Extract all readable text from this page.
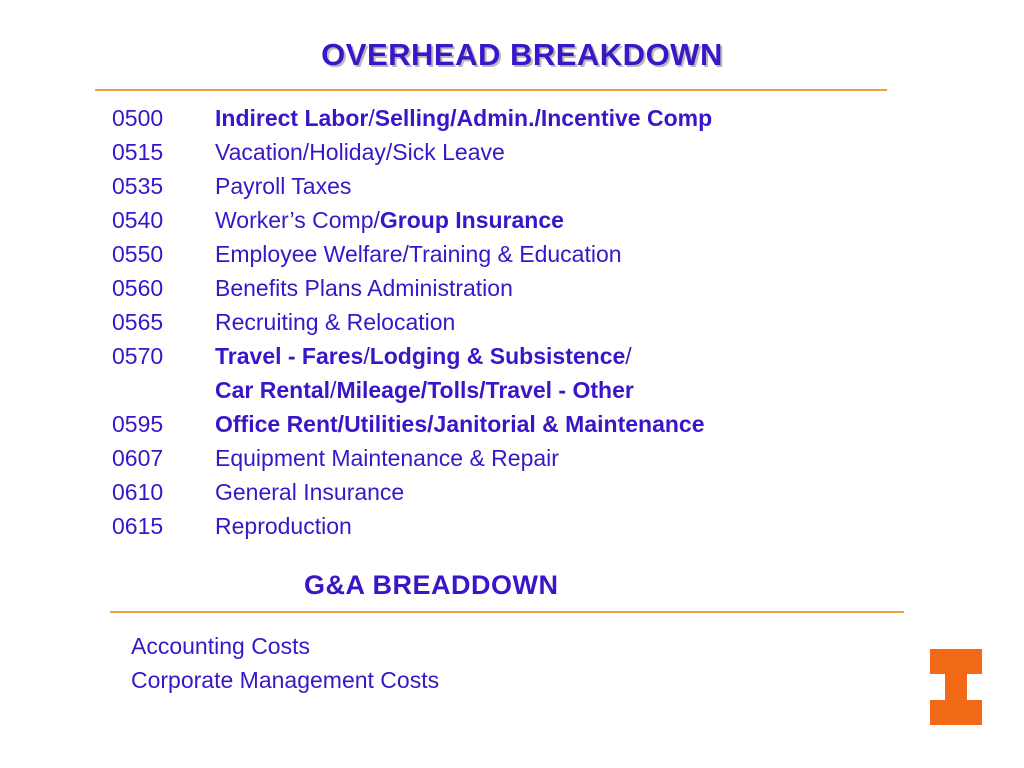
OVERHEAD BREAKDOWN
0500	Indirect Labor/Selling/Admin./Incentive Comp
0515	Vacation/Holiday/Sick Leave
0535	Payroll Taxes
0540	Worker’s Comp/Group Insurance
0550	Employee Welfare/Training & Education
0560	Benefits Plans Administration
0565	Recruiting & Relocation
0570	Travel - Fares/Lodging & Subsistence/
Car Rental/Mileage/Tolls/Travel - Other
0595	Office Rent/Utilities/Janitorial & Maintenance
0607	Equipment Maintenance & Repair
0610	General Insurance
0615	Reproduction
G&A BREADDOWN
Accounting Costs
Corporate Management Costs
